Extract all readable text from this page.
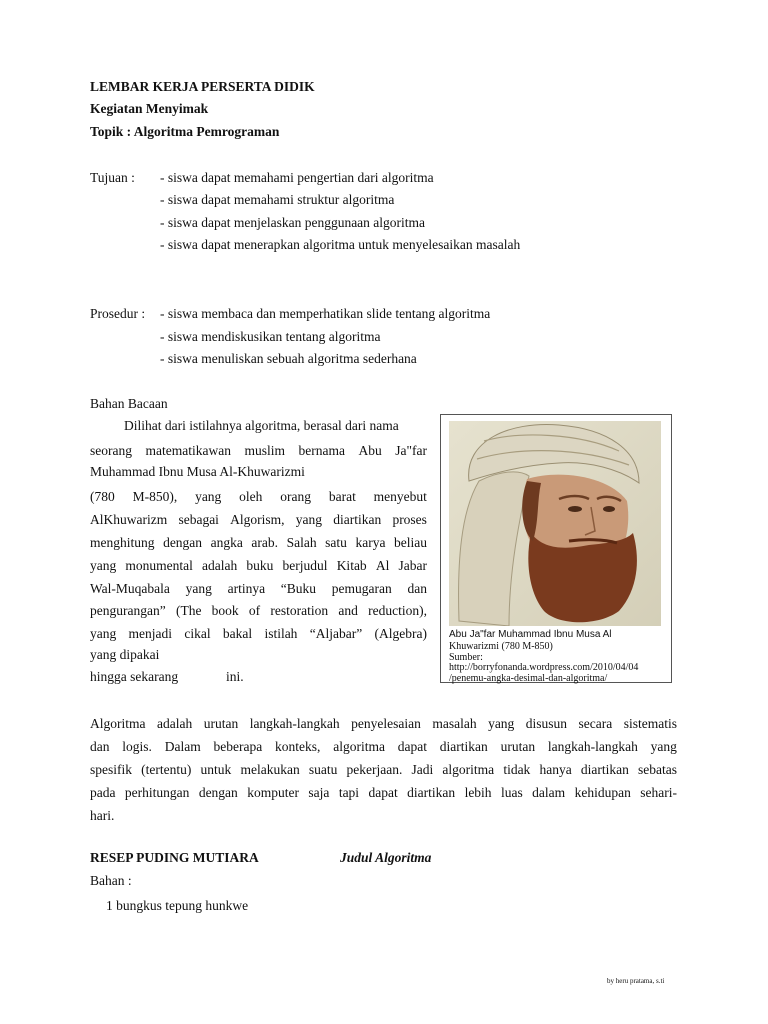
LEMBAR KERJA PERSERTA DIDIK
Kegiatan Menyimak
Topik : Algoritma Pemrograman
Tujuan : - siswa dapat memahami pengertian dari algoritma
- siswa dapat memahami struktur algoritma
- siswa dapat menjelaskan penggunaan algoritma
- siswa dapat menerapkan algoritma untuk menyelesaikan masalah
Prosedur : - siswa membaca dan memperhatikan slide tentang algoritma
- siswa mendiskusikan tentang algoritma
- siswa menuliskan sebuah algoritma sederhana
Bahan Bacaan
Dilihat dari istilahnya algoritma, berasal dari nama
seorang matematikawan muslim bernama Abu Ja"far
Muhammad Ibnu Musa Al-Khuwarizmi
(780 M-850), yang oleh orang barat menyebut
AlKhuwarizm sebagai Algorism, yang diartikan proses
menghitung dengan angka arab. Salah satu karya beliau
yang monumental adalah buku berjudul Kitab Al Jabar
Wal-Muqabala yang artinya “Buku pemugaran dan
pengurangan” (The book of restoration and reduction),
yang menjadi cikal bakal istilah “Aljabar” (Algebra)
yang dipakai
hingga sekarang	ini.
Abu Ja"far Muhammad Ibnu Musa Al
Khuwarizmi (780 M-850)
Sumber:
http://borryfonanda.wordpress.com/2010/04/04
/penemu-angka-desimal-dan-algoritma/
Algoritma adalah urutan langkah-langkah penyelesaian masalah yang disusun secara sistematis
dan logis. Dalam beberapa konteks, algoritma dapat diartikan urutan langkah-langkah yang
spesifik (tertentu) untuk melakukan suatu pekerjaan. Jadi algoritma tidak hanya diartikan sebatas
pada perhitungan dengan komputer saja tapi dapat diartikan lebih luas dalam kehidupan sehari-
hari.
RESEP PUDING MUTIARA	Judul Algoritma
Bahan :
1 bungkus tepung hunkwe
by heru pratama, s.ti
